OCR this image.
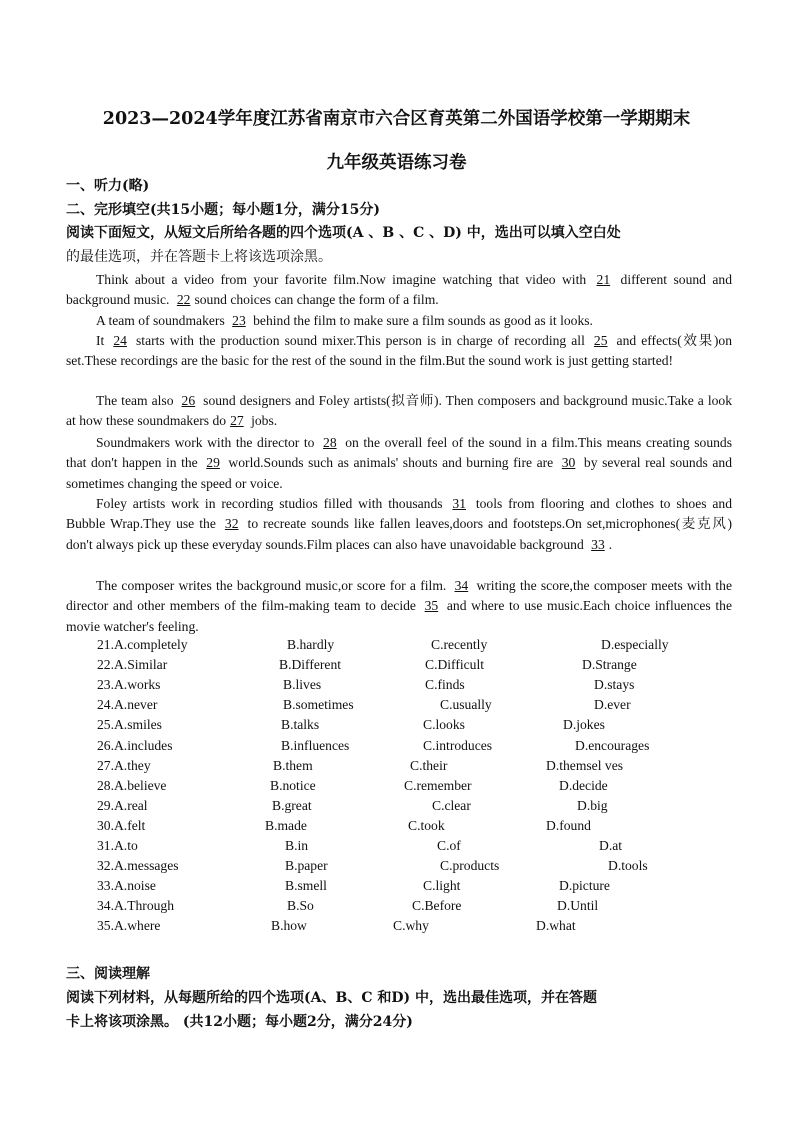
2023—2024学年度江苏省南京市六合区育英第二外国语学校第一学期期末
九年级英语练习卷
一、听力(略)
二、完形填空(共15小题；每小题1分，满分15分)
阅读下面短文，从短文后所给各题的四个选项(A 、B 、C 、D) 中，选出可以填入空白处
的最佳选项，并在答题卡上将该选项涂黑。
Think about a video from your favorite film.Now imagine watching that video with 21 different sound and background music. 22 sound choices can change the form of a film.
A team of soundmakers 23 behind the film to make sure a film sounds as good as it looks.
It 24 starts with the production sound mixer.This person is in charge of recording all 25 and effects(效果)on set.These recordings are the basic for the rest of the sound in the film.But the sound work is just getting started!
The team also 26 sound designers and Foley artists(拟音师). Then composers and background music.Take a look at how these soundmakers do 27 jobs.
Soundmakers work with the director to 28 on the overall feel of the sound in a film.This means creating sounds that don't happen in the 29 world.Sounds such as animals' shouts and burning fire are 30 by several real sounds and sometimes changing the speed or voice.
Foley artists work in recording studios filled with thousands 31 tools from flooring and clothes to shoes and Bubble Wrap.They use the 32 to recreate sounds like fallen leaves,doors and footsteps.On set,microphones(麦克风) don't always pick up these everyday sounds.Film places can also have unavoidable background 33 .
The composer writes the background music,or score for a film. 34 writing the score,the composer meets with the director and other members of the film-making team to decide 35 and where to use music.Each choice influences the movie watcher's feeling.
21.A.completely	B.hardly	C.recently	D.especially
22.A.Similar	B.Different	C.Difficult	D.Strange
23.A.works	B.lives	C.finds	D.stays
24.A.never	B.sometimes	C.usually	D.ever
25.A.smiles	B.talks	C.looks	D.jokes
26.A.includes	B.influences	C.introduces	D.encourages
27.A.they	B.them	C.their	D.themsel ves
28.A.believe	B.notice	C.remember	D.decide
29.A.real	B.great	C.clear	D.big
30.A.felt	B.made	C.took	D.found
31.A.to	B.in	C.of	D.at
32.A.messages	B.paper	C.products	D.tools
33.A.noise	B.smell	C.light	D.picture
34.A.Through	B.So	C.Before	D.Until
35.A.where	B.how	C.why	D.what
三、阅读理解
阅读下列材料，从每题所给的四个选项(A、B、C 和D) 中，选出最佳选项，并在答题
卡上将该项涂黑。 (共12小题；每小题2分，满分24分)
